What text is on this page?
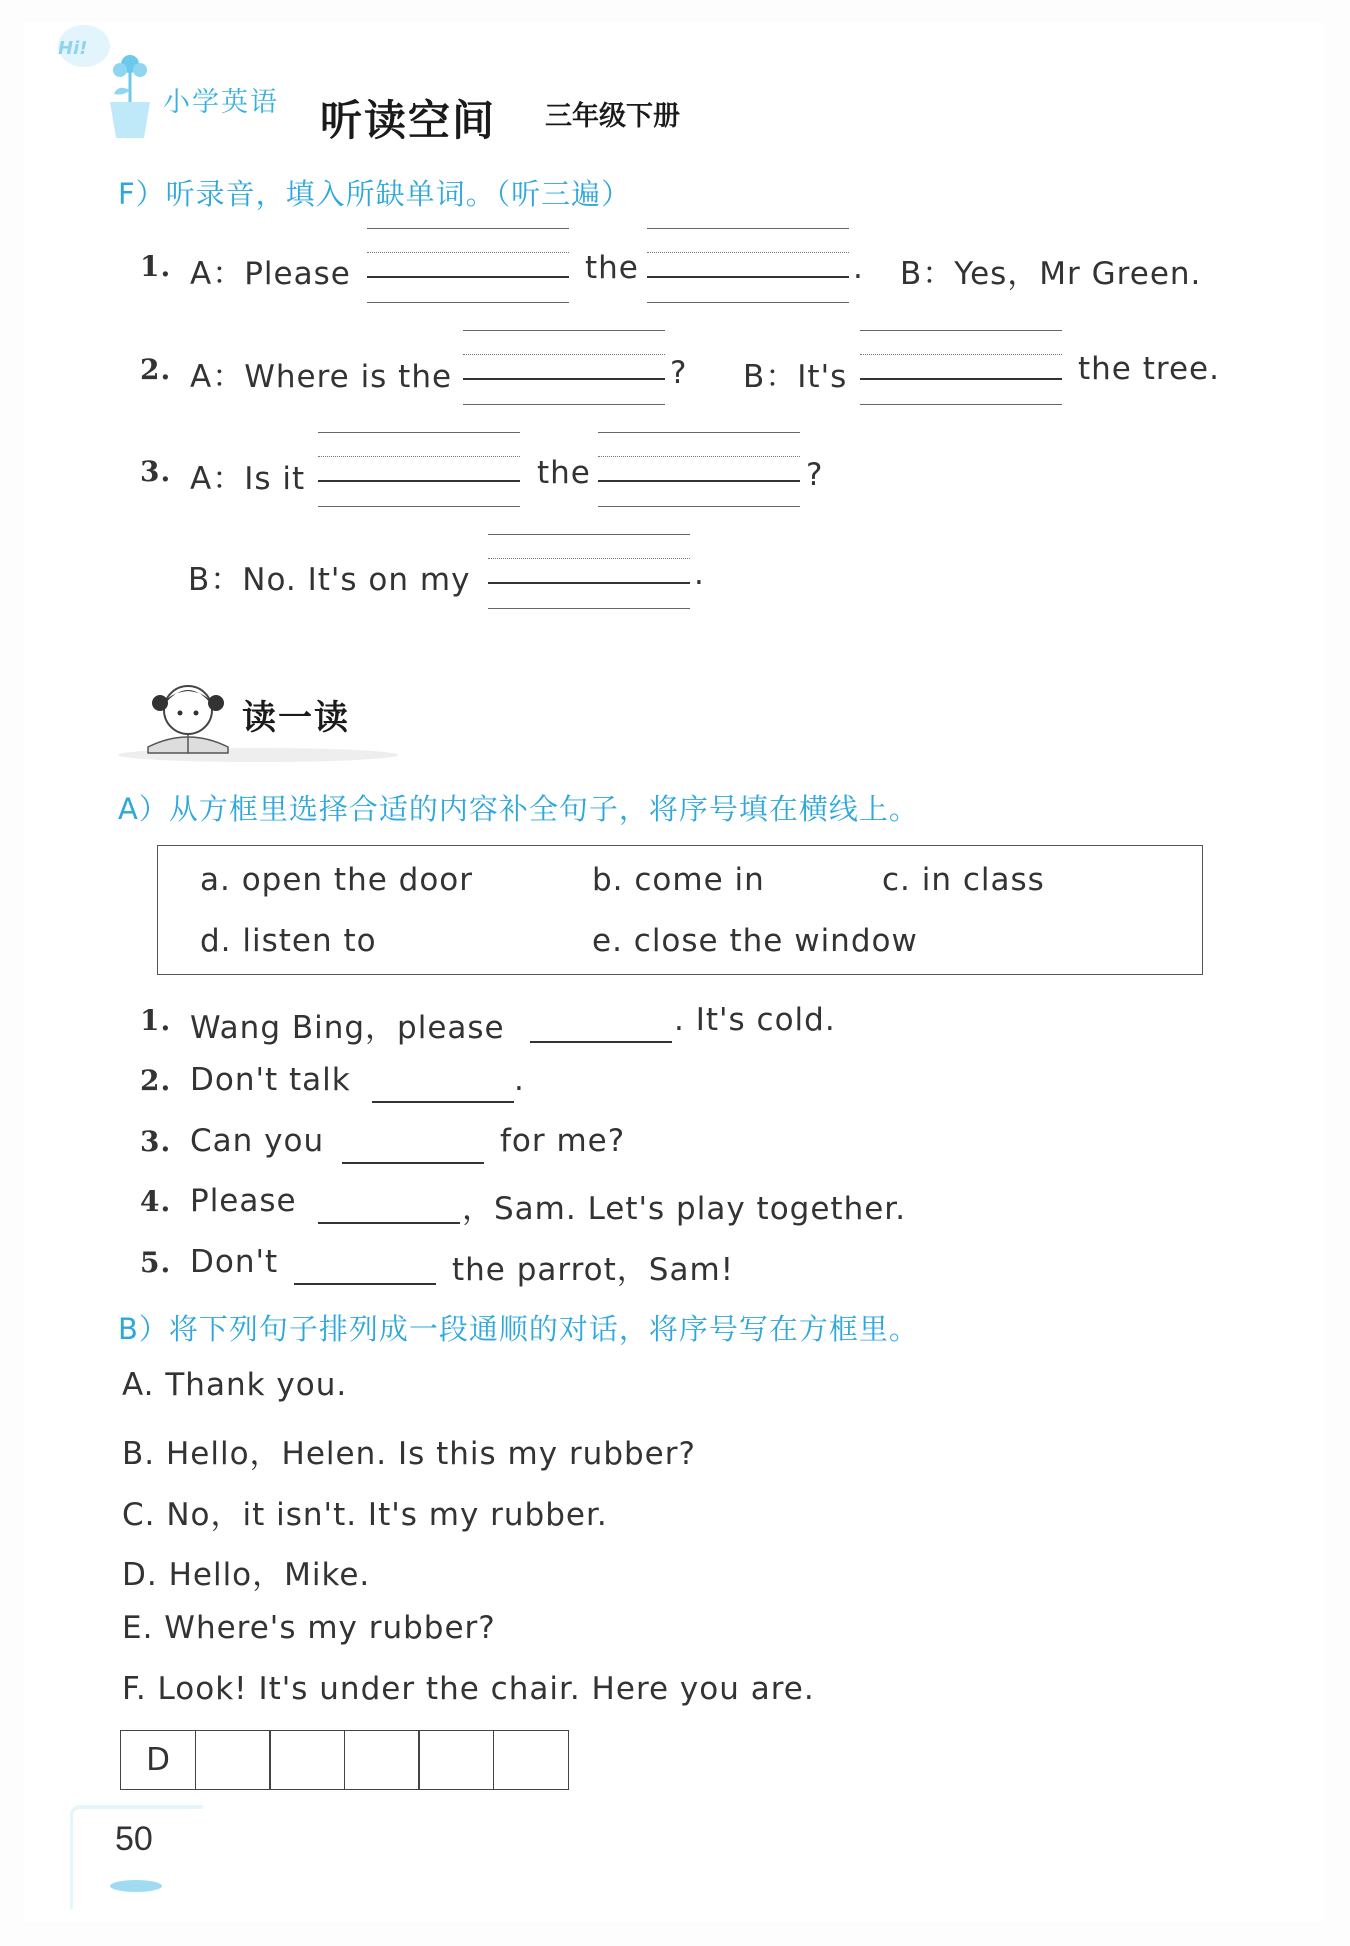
Hi!
小学英语 听读空间 三年级下册
F）听录音，填入所缺单词。（听三遍）
1. A：Please	the	. B：Yes，Mr Green.
2. A：Where is the	? B：It's	the tree.
3. A：Is it	the	?
B：No. It's on my	.
读一读
A）从方框里选择合适的内容补全句子，将序号填在横线上。
a. open the door	b. come in	c. in class
d. listen to	e. close the window
1. Wang Bing，please	. It's cold.
2. Don't talk	.
3. Can you	for me?
4. Please	，Sam. Let's play together.
5. Don't	the parrot，Sam!
B）将下列句子排列成一段通顺的对话，将序号写在方框里。
A. Thank you.
B. Hello，Helen. Is this my rubber?
C. No，it isn't. It's my rubber.
D. Hello，Mike.
E. Where's my rubber?
F. Look! It's under the chair. Here you are.
D
50
